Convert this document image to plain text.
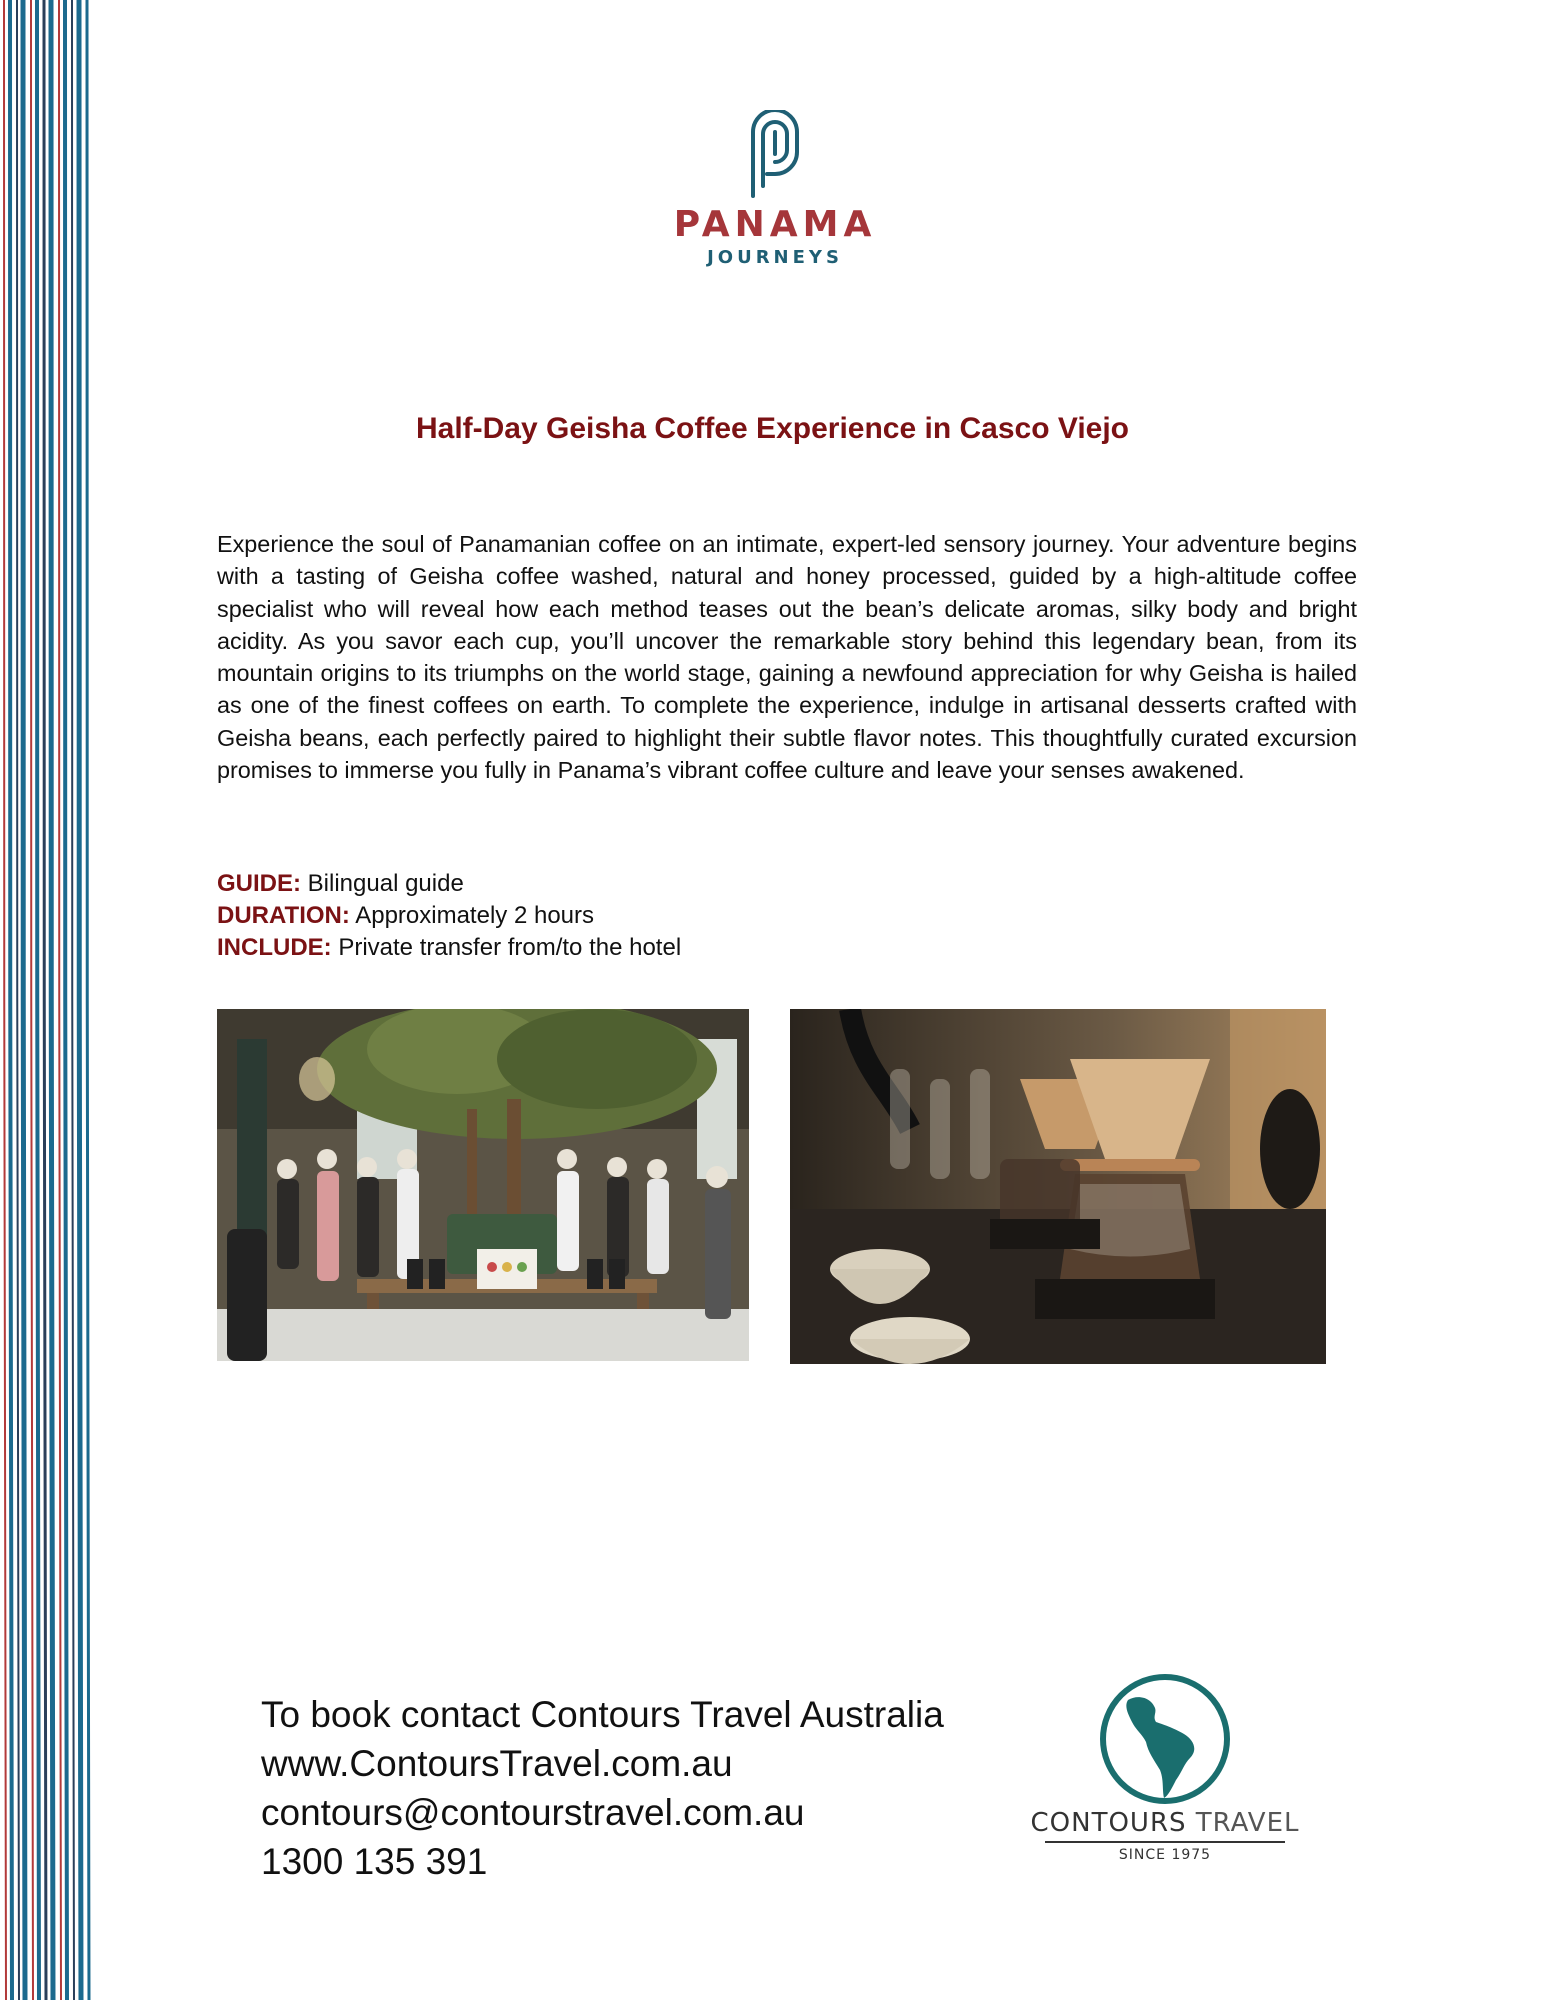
PANAMA
JOURNEYS
Half-Day Geisha Coffee Experience in Casco Viejo

Experience the soul of Panamanian coffee on an intimate, expert-led sensory journey. Your adventure begins with a tasting of Geisha coffee washed, natural and honey processed, guided by a high-altitude coffee specialist who will reveal how each method teases out the bean’s delicate aromas, silky body and bright acidity. As you savor each cup, you’ll uncover the remarkable story behind this legendary bean, from its mountain origins to its triumphs on the world stage, gaining a newfound appreciation for why Geisha is hailed as one of the finest coffees on earth. To complete the experience, indulge in artisanal desserts crafted with Geisha beans, each perfectly paired to highlight their subtle flavor notes. This thoughtfully curated excursion promises to immerse you fully in Panama’s vibrant coffee culture and leave your senses awakened.

GUIDE: Bilingual guide
DURATION: Approximately 2 hours
INCLUDE: Private transfer from/to the hotel
To book contact Contours Travel Australia
www.ContoursTravel.com.au
contours@contourstravel.com.au
1300 135 391
CONTOURS TRAVEL
SINCE 1975
